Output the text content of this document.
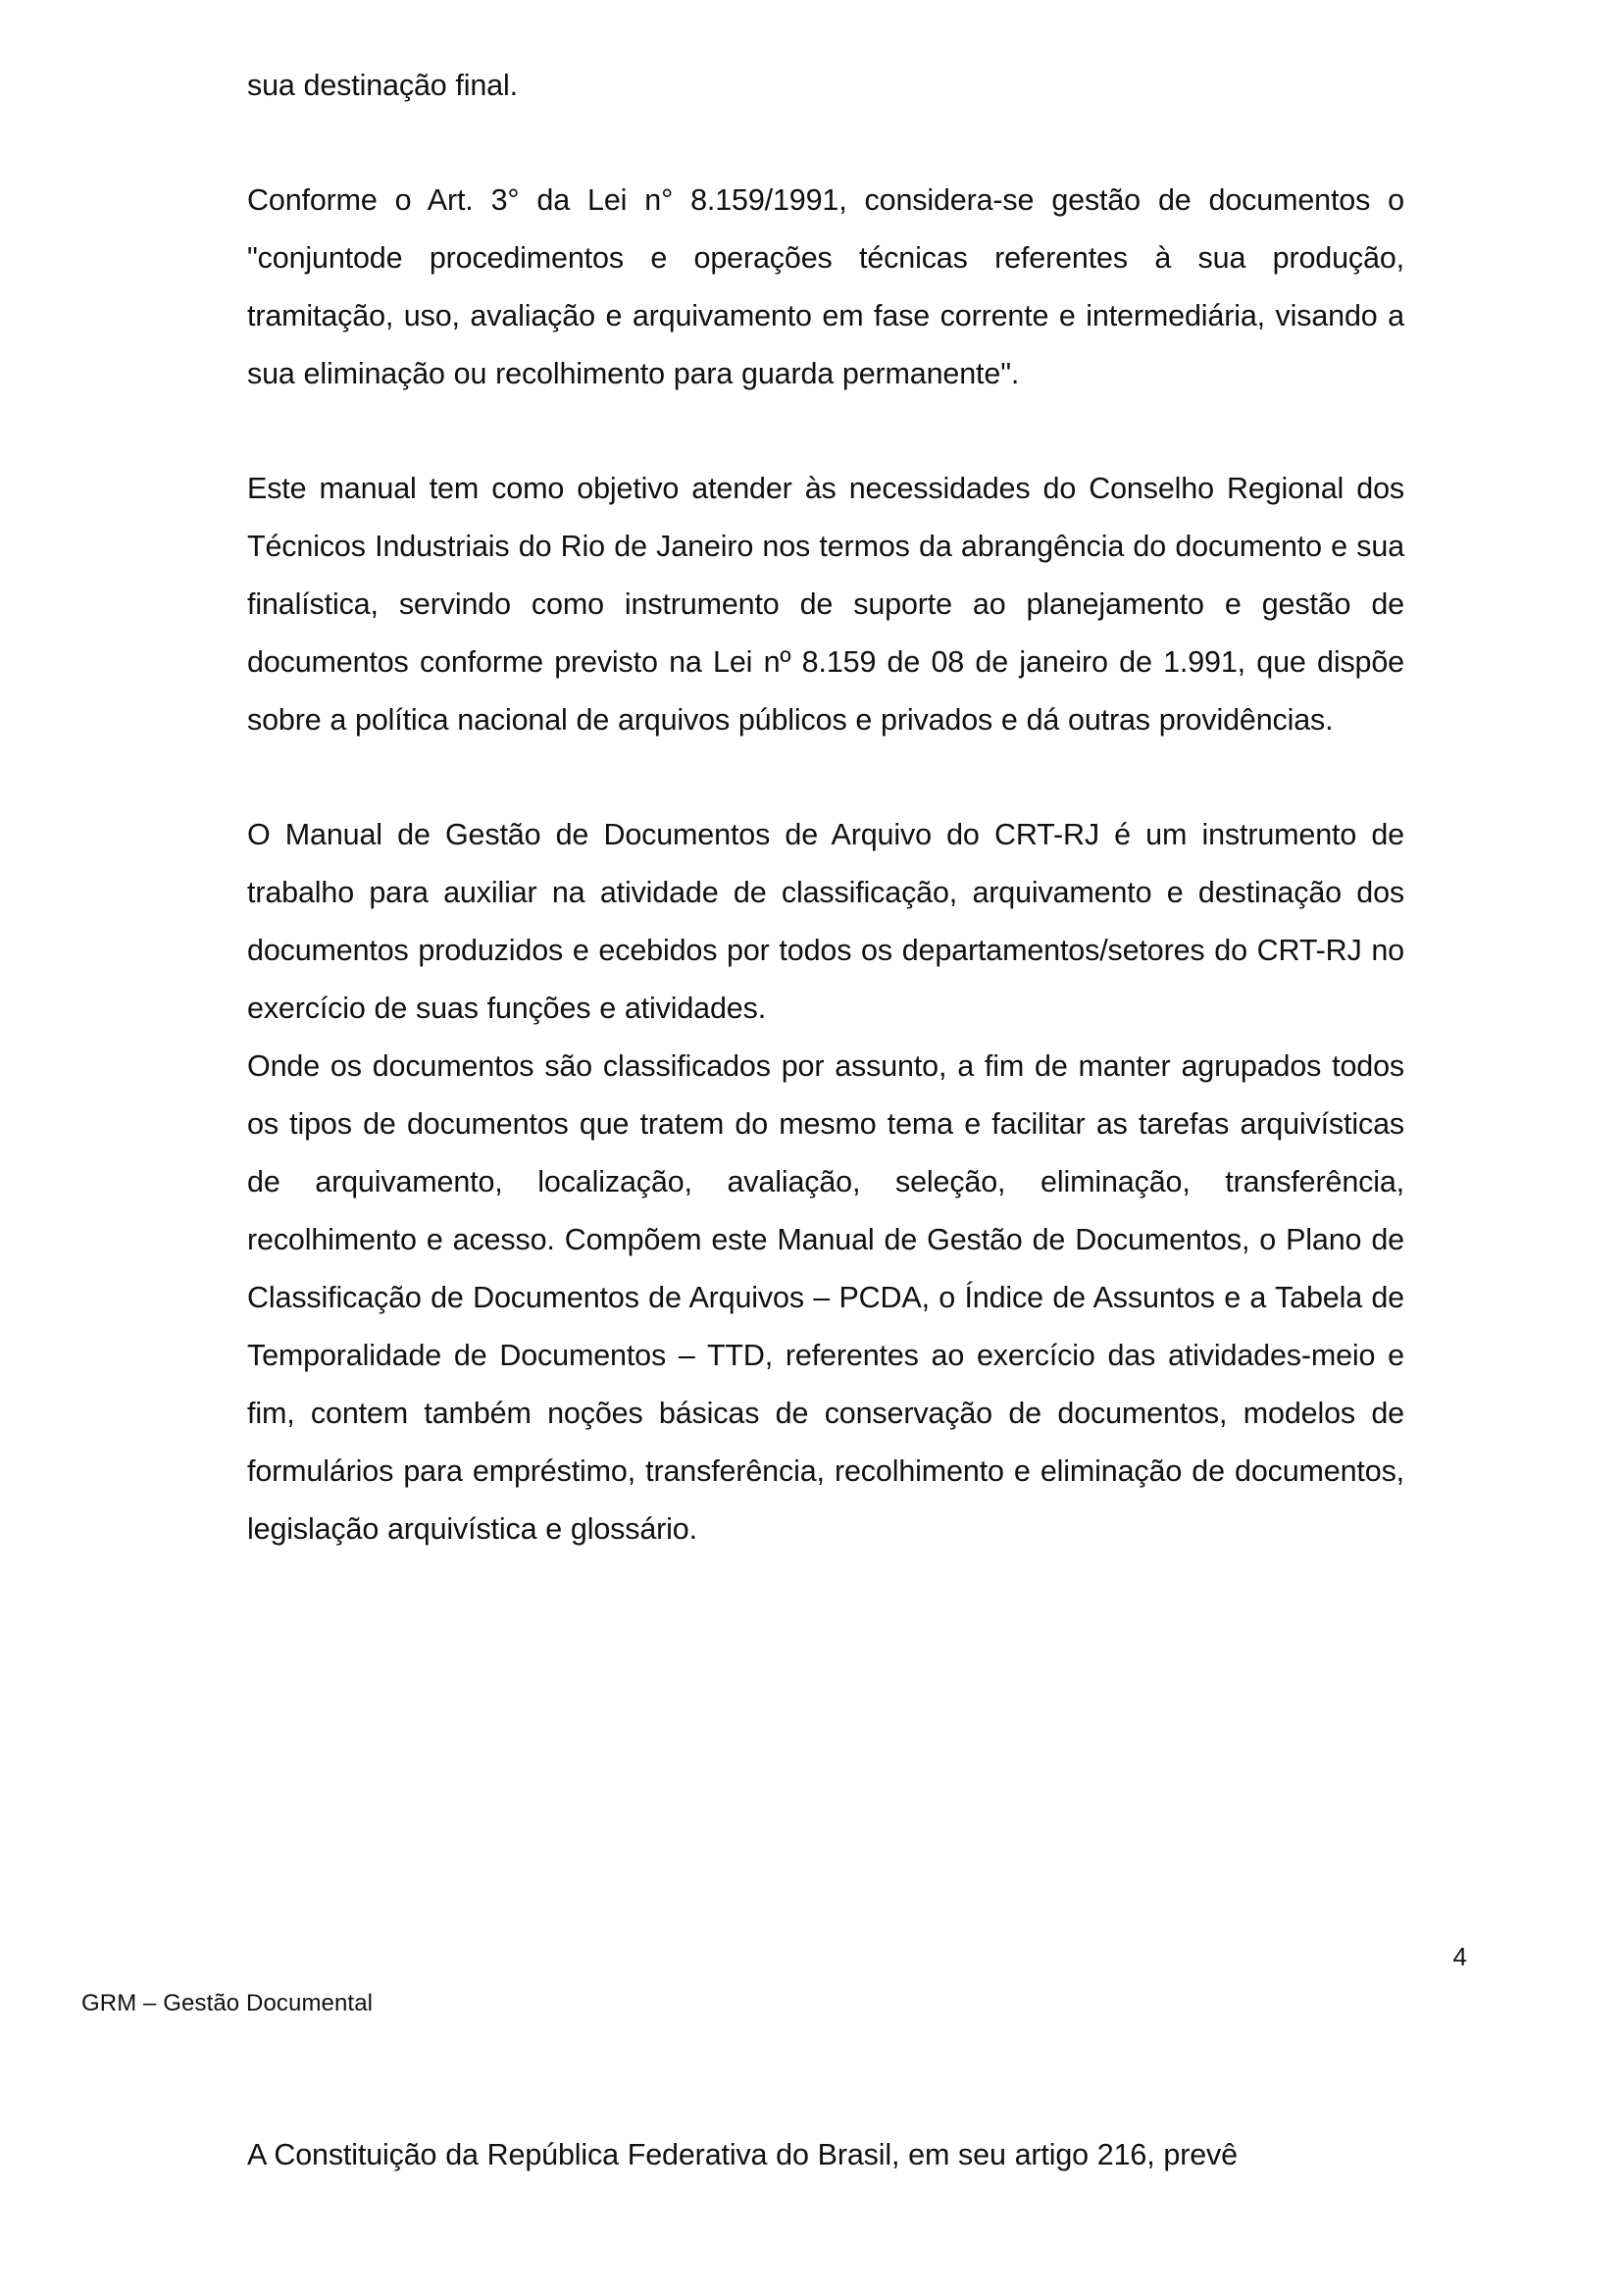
sua destinação final.

Conforme o Art. 3° da Lei n° 8.159/1991, considera-se gestão de documentos o "conjuntode procedimentos e operações técnicas referentes à sua produção, tramitação, uso, avaliação e arquivamento em fase corrente e intermediária, visando a sua eliminação ou recolhimento para guarda permanente".

Este manual tem como objetivo atender às necessidades do Conselho Regional dos Técnicos Industriais do Rio de Janeiro nos termos da abrangência do documento e sua finalística, servindo como instrumento de suporte ao planejamento e gestão de documentos conforme previsto na Lei nº 8.159 de 08 de janeiro de 1.991, que dispõe sobre a política nacional de arquivos públicos e privados e dá outras providências.

O Manual de Gestão de Documentos de Arquivo do CRT-RJ é um instrumento de trabalho para auxiliar na atividade de classificação, arquivamento e destinação dos documentos produzidos e ecebidos por todos os departamentos/setores do CRT-RJ no exercício de suas funções e atividades.

Onde os documentos são classificados por assunto, a fim de manter agrupados todos os tipos de documentos que tratem do mesmo tema e facilitar as tarefas arquivísticas de arquivamento, localização, avaliação, seleção, eliminação, transferência, recolhimento e acesso. Compõem este Manual de Gestão de Documentos, o Plano de Classificação de Documentos de Arquivos – PCDA, o Índice de Assuntos e a Tabela de Temporalidade de Documentos – TTD, referentes ao exercício das atividades-meio e fim, contem também noções básicas de conservação de documentos, modelos de formulários para empréstimo, transferência, recolhimento e eliminação de documentos, legislação arquivística e glossário.

4
GRM – Gestão Documental

A Constituição da República Federativa do Brasil, em seu artigo 216, prevê
